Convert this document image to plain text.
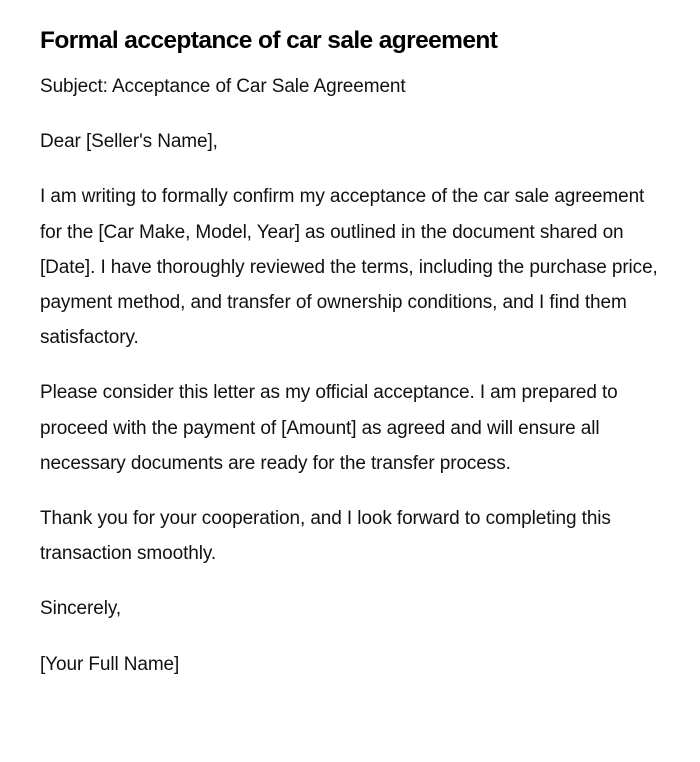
Formal acceptance of car sale agreement

Subject: Acceptance of Car Sale Agreement

Dear [Seller's Name],

I am writing to formally confirm my acceptance of the car sale agreement for the [Car Make, Model, Year] as outlined in the document shared on [Date]. I have thoroughly reviewed the terms, including the purchase price, payment method, and transfer of ownership conditions, and I find them satisfactory.

Please consider this letter as my official acceptance. I am prepared to proceed with the payment of [Amount] as agreed and will ensure all necessary documents are ready for the transfer process.

Thank you for your cooperation, and I look forward to completing this transaction smoothly.

Sincerely,

[Your Full Name]
